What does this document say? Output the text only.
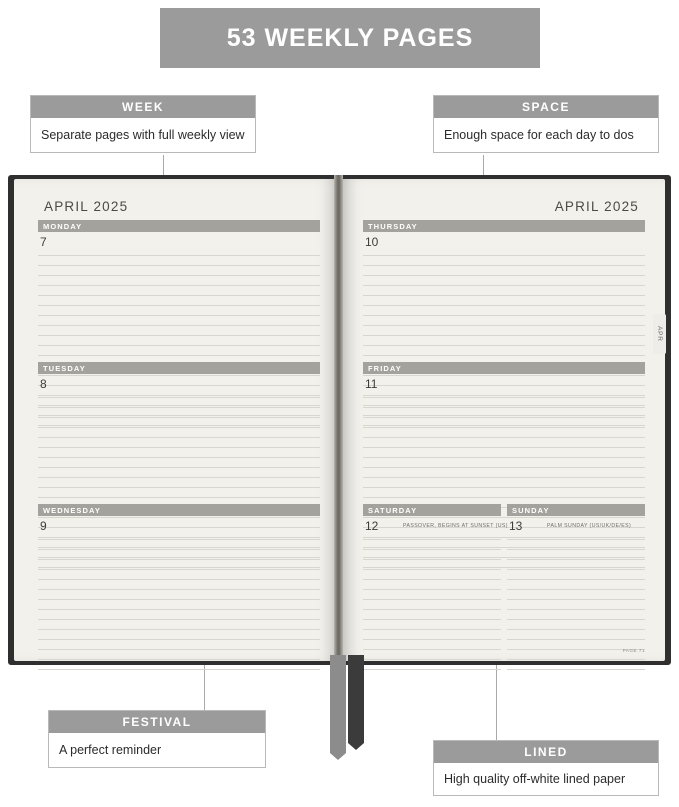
53 WEEKLY PAGES
WEEK
Separate pages with full weekly view
SPACE
Enough space for each day to dos
FESTIVAL
A perfect reminder	LINED
High quality off-white lined paper
APRIL 2025
MONDAY
7
TUESDAY
8
WEDNESDAY
9
APRIL 2025
APR
THURSDAY
10
FRIDAY
11
SATURDAY
12	PASSOVER, BEGINS AT SUNSET (US)
SUNDAY
13	PALM SUNDAY (US/UK/DE/ES)
PAGE 71
